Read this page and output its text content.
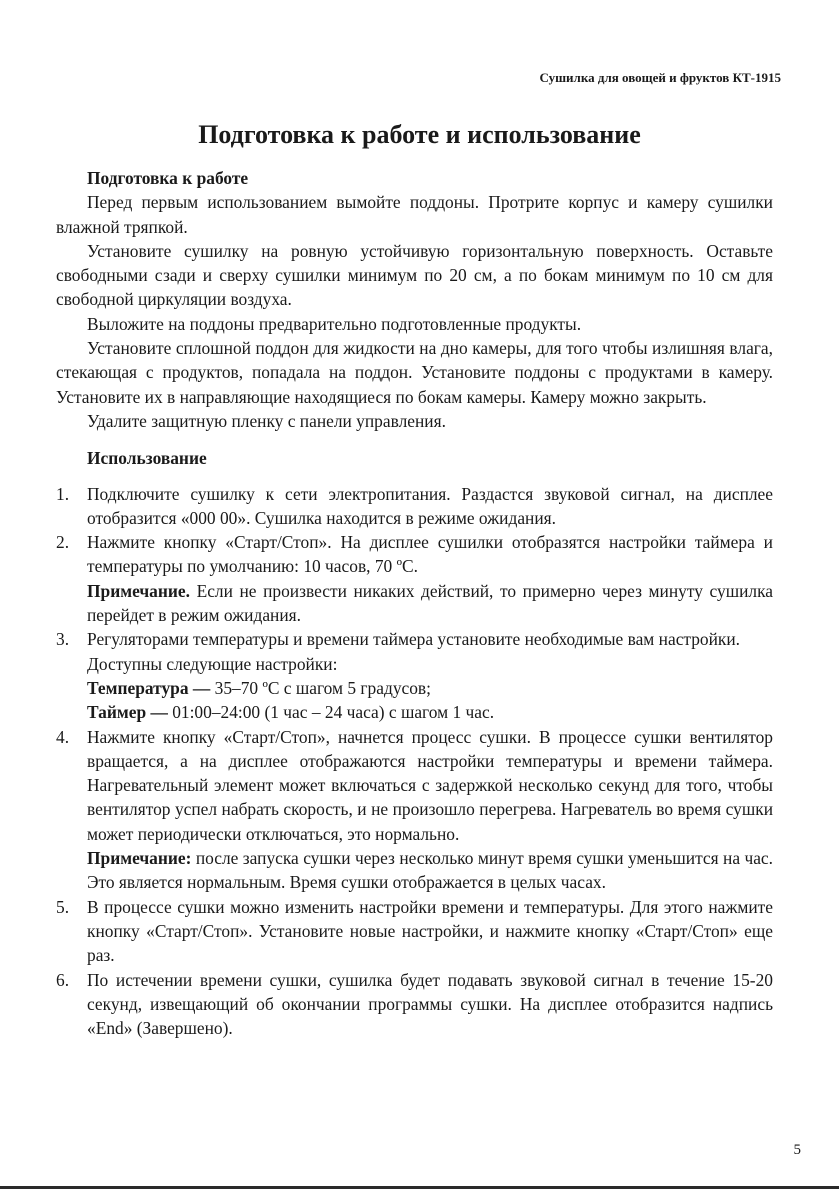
Сушилка для овощей и фруктов КТ-1915
Подготовка к работе и использование

Подготовка к работе

Перед первым использованием вымойте поддоны. Протрите корпус и камеру сушилки влажной тряпкой.

Установите сушилку на ровную устойчивую горизонтальную поверхность. Оставьте свободными сзади и сверху сушилки минимум по 20 см, а по бокам минимум по 10 см для свободной циркуляции воздуха.

Выложите на поддоны предварительно подготовленные продукты.

Установите сплошной поддон для жидкости на дно камеры, для того чтобы излишняя влага, стекающая с продуктов, попадала на поддон. Установите поддоны с продуктами в камеру. Установите их в направляющие находящиеся по бокам камеры. Камеру можно закрыть.

Удалите защитную пленку с панели управления.

Использование

1. Подключите сушилку к сети электропитания. Раздастся звуковой сигнал, на дисплее отобразится «000 00». Сушилка находится в режиме ожидания.

2. Нажмите кнопку «Старт/Стоп». На дисплее сушилки отобразятся настройки таймера и температуры по умолчанию: 10 часов, 70 ºС.

Примечание. Если не произвести никаких действий, то примерно через минуту сушилка перейдет в режим ожидания.

3. Регуляторами температуры и времени таймера установите необходимые вам настройки.

Доступны следующие настройки:

Температура — 35–70 ºС с шагом 5 градусов;

Таймер — 01:00–24:00 (1 час – 24 часа) с шагом 1 час.

4. Нажмите кнопку «Старт/Стоп», начнется процесс сушки. В процессе сушки вентилятор вращается, а на дисплее отображаются настройки температуры и времени таймера. Нагревательный элемент может включаться с задержкой несколько секунд для того, чтобы вентилятор успел набрать скорость, и не произошло перегрева. Нагреватель во время сушки может периодически отключаться, это нормально.

Примечание: после запуска сушки через несколько минут время сушки уменьшится на час. Это является нормальным. Время сушки отображается в целых часах.

5. В процессе сушки можно изменить настройки времени и температуры. Для этого нажмите кнопку «Старт/Стоп». Установите новые настройки, и нажмите кнопку «Старт/Стоп» еще раз.

6. По истечении времени сушки, сушилка будет подавать звуковой сигнал в течение 15-20 секунд, извещающий об окончании программы сушки. На дисплее отобразится надпись «End» (Завершено).

5
